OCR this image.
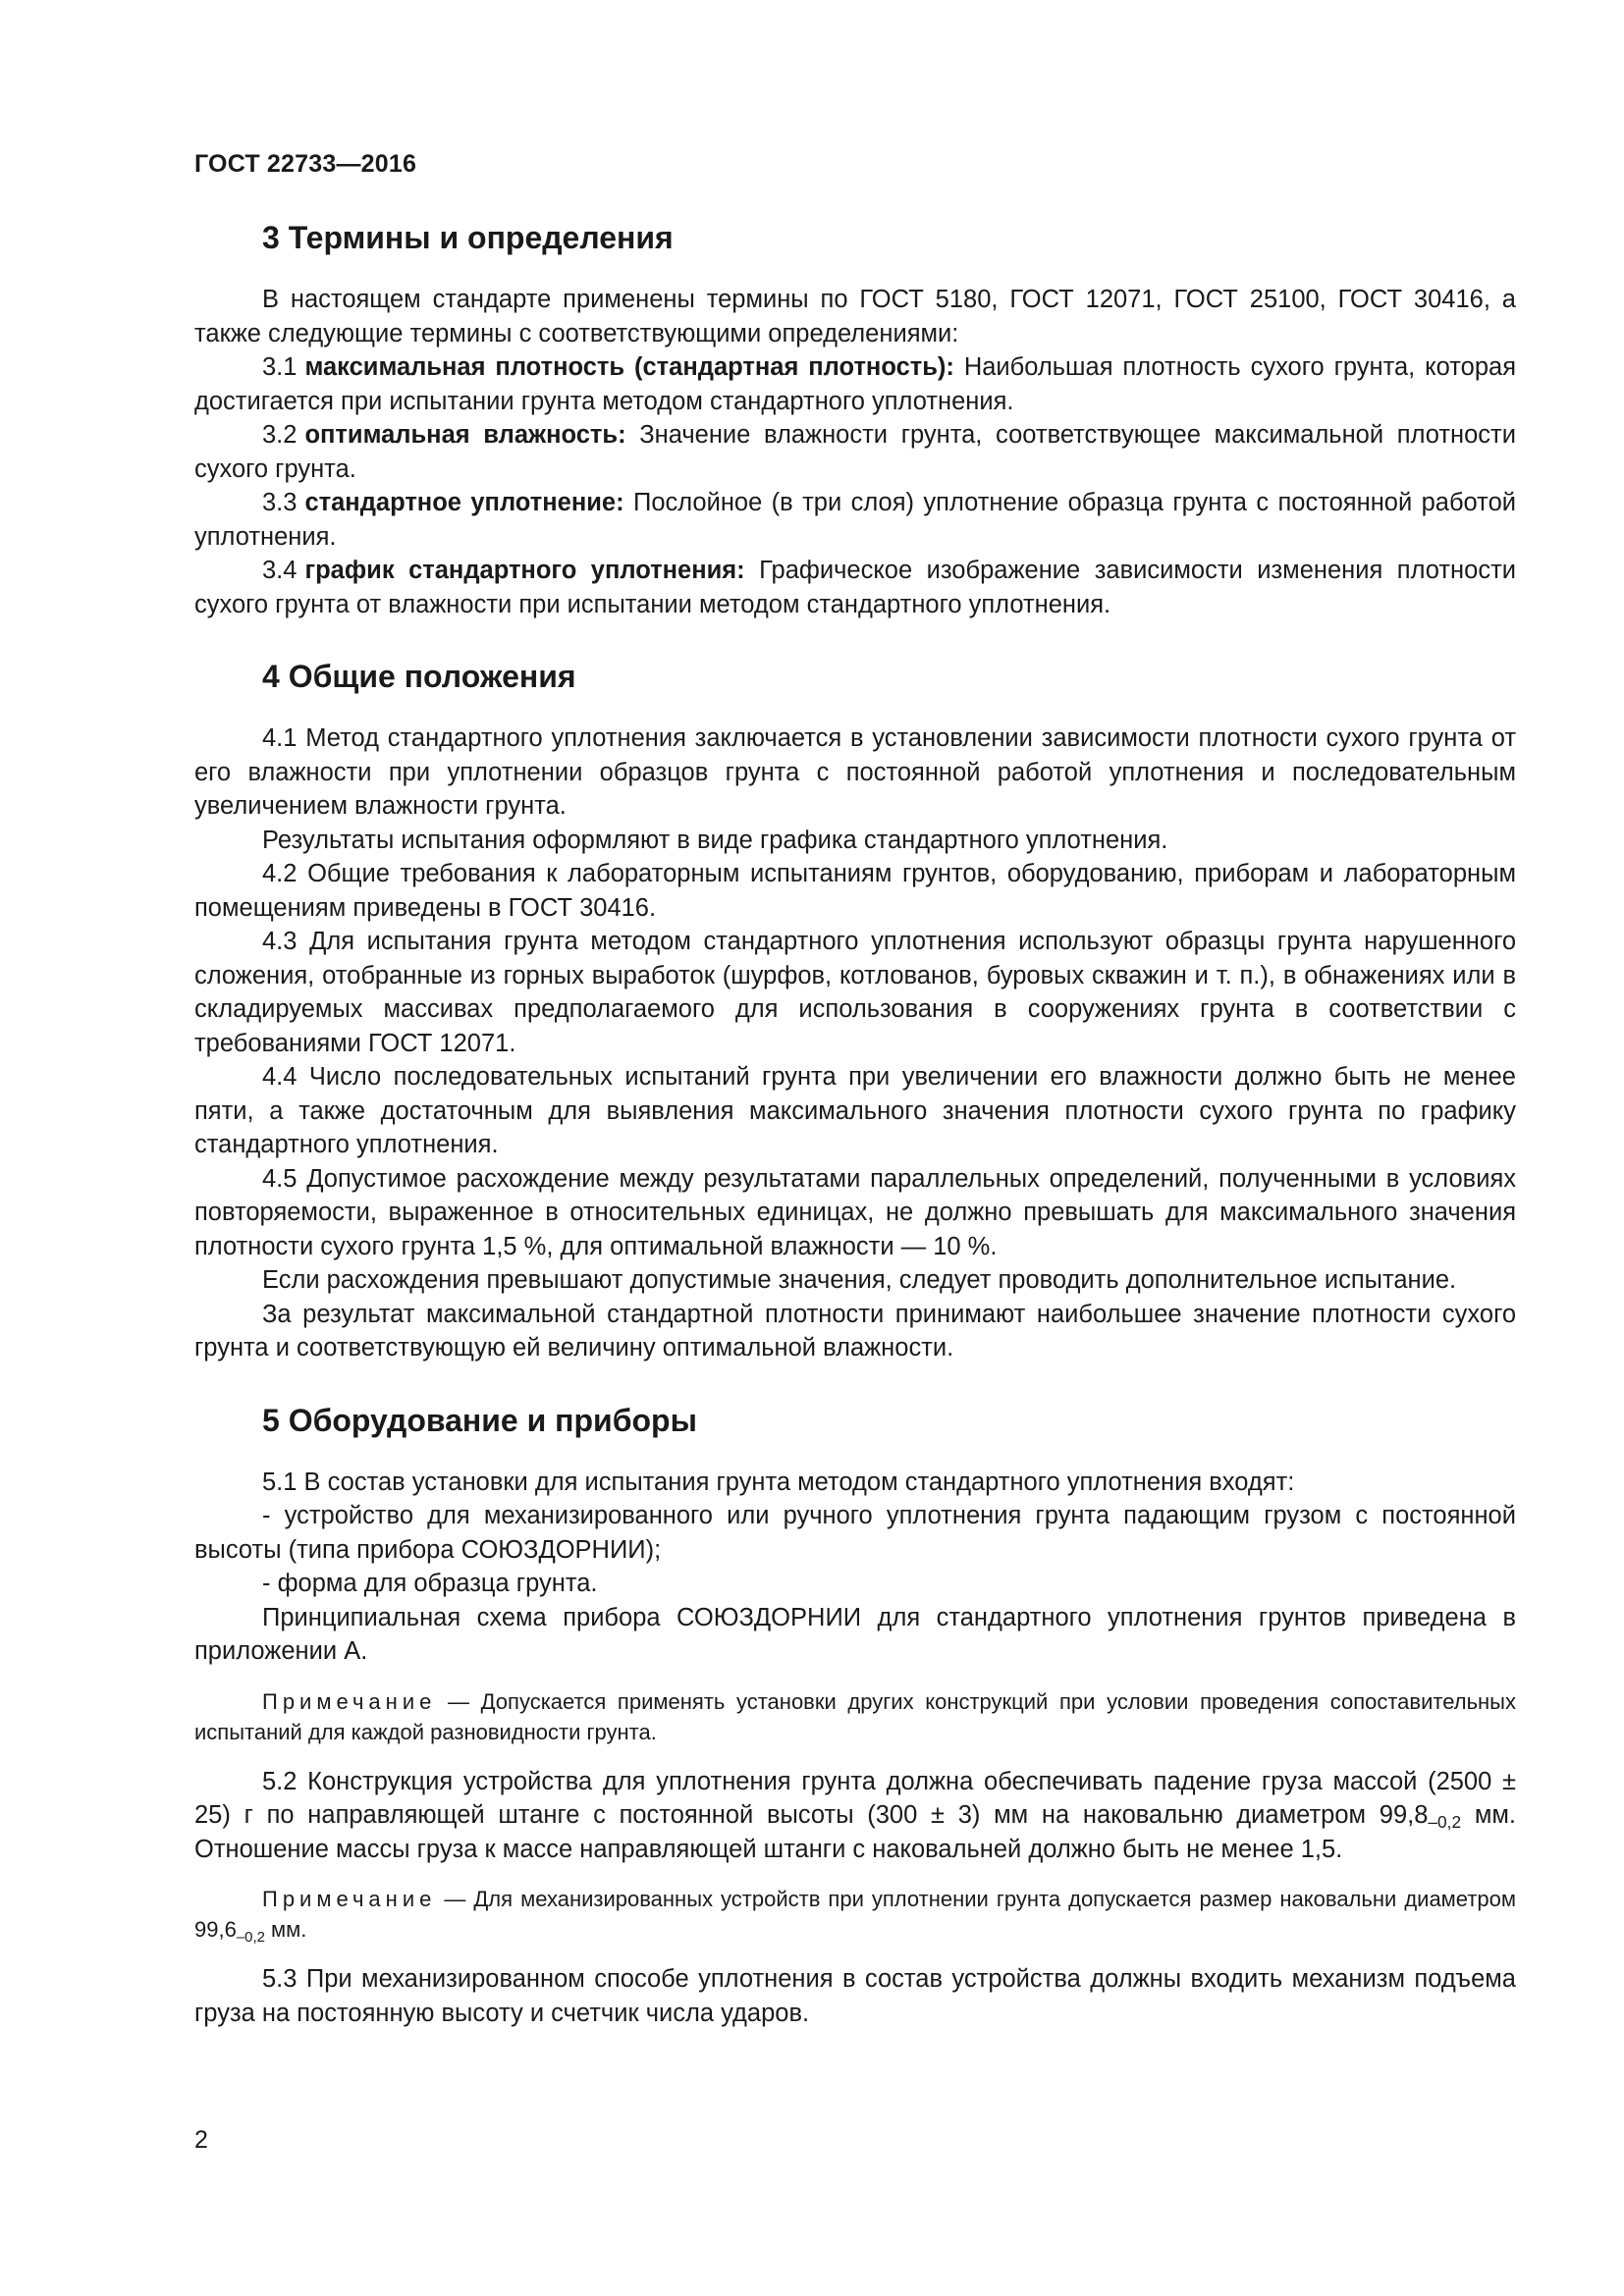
ГОСТ 22733—2016
3 Термины и определения

В настоящем стандарте применены термины по ГОСТ 5180, ГОСТ 12071, ГОСТ 25100, ГОСТ 30416, а также следующие термины с соответствующими определениями:

3.1 максимальная плотность (стандартная плотность): Наибольшая плотность сухого грунта, которая достигается при испытании грунта методом стандартного уплотнения.

3.2 оптимальная влажность: Значение влажности грунта, соответствующее максимальной плотности сухого грунта.

3.3 стандартное уплотнение: Послойное (в три слоя) уплотнение образца грунта с постоянной работой уплотнения.

3.4 график стандартного уплотнения: Графическое изображение зависимости изменения плотности сухого грунта от влажности при испытании методом стандартного уплотнения.

4 Общие положения

4.1 Метод стандартного уплотнения заключается в установлении зависимости плотности сухого грунта от его влажности при уплотнении образцов грунта с постоянной работой уплотнения и последовательным увеличением влажности грунта.

Результаты испытания оформляют в виде графика стандартного уплотнения.

4.2 Общие требования к лабораторным испытаниям грунтов, оборудованию, приборам и лабораторным помещениям приведены в ГОСТ 30416.

4.3 Для испытания грунта методом стандартного уплотнения используют образцы грунта нарушенного сложения, отобранные из горных выработок (шурфов, котлованов, буровых скважин и т. п.), в обнажениях или в складируемых массивах предполагаемого для использования в сооружениях грунта в соответствии с требованиями ГОСТ 12071.

4.4 Число последовательных испытаний грунта при увеличении его влажности должно быть не менее пяти, а также достаточным для выявления максимального значения плотности сухого грунта по графику стандартного уплотнения.

4.5 Допустимое расхождение между результатами параллельных определений, полученными в условиях повторяемости, выраженное в относительных единицах, не должно превышать для максимального значения плотности сухого грунта 1,5 %, для оптимальной влажности — 10 %.

Если расхождения превышают допустимые значения, следует проводить дополнительное испытание.

За результат максимальной стандартной плотности принимают наибольшее значение плотности сухого грунта и соответствующую ей величину оптимальной влажности.

5 Оборудование и приборы

5.1 В состав установки для испытания грунта методом стандартного уплотнения входят:

- устройство для механизированного или ручного уплотнения грунта падающим грузом с постоянной высоты (типа прибора СОЮЗДОРНИИ);

- форма для образца грунта.

Принципиальная схема прибора СОЮЗДОРНИИ для стандартного уплотнения грунтов приведена в приложении А.

Примечание — Допускается применять установки других конструкций при условии проведения сопоставительных испытаний для каждой разновидности грунта.

5.2 Конструкция устройства для уплотнения грунта должна обеспечивать падение груза массой (2500 ± 25) г по направляющей штанге с постоянной высоты (300 ± 3) мм на наковальню диаметром $99,8_{-0,2}$ мм. Отношение массы груза к массе направляющей штанги с наковальней должно быть не менее 1,5.

Примечание — Для механизированных устройств при уплотнении грунта допускается размер наковальни диаметром $99,6_{-0,2}$ мм.

5.3 При механизированном способе уплотнения в состав устройства должны входить механизм подъема груза на постоянную высоту и счетчик числа ударов.

2
